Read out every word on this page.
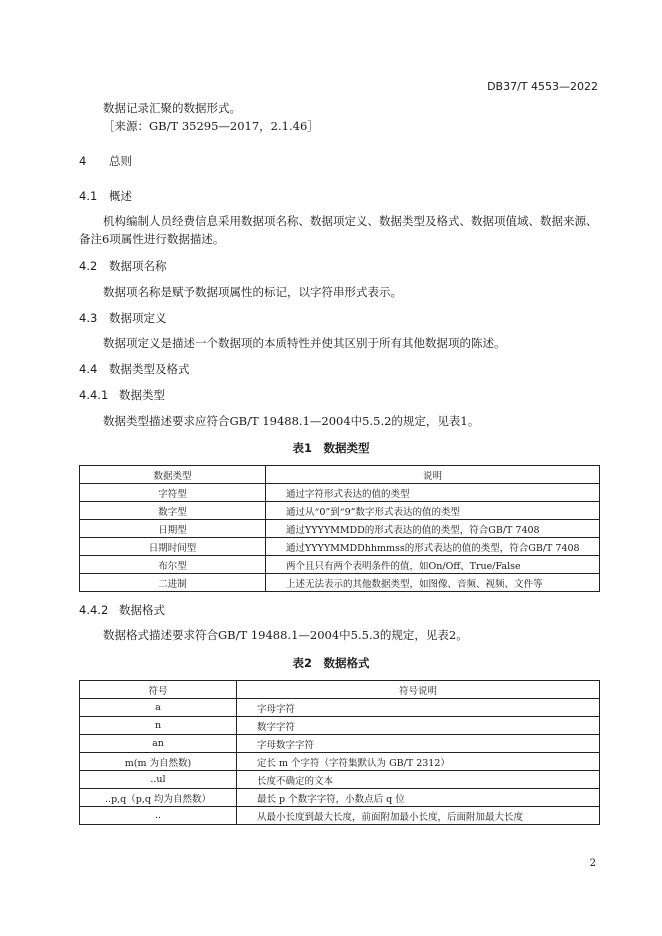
DB37/T 4553—2022
数据记录汇聚的数据形式。
［来源：GB/T 35295—2017，2.1.46］
4 总则
4.1 概述
机构编制人员经费信息采用数据项名称、数据项定义、数据类型及格式、数据项值域、数据来源、
备注6项属性进行数据描述。
4.2 数据项名称
数据项名称是赋予数据项属性的标记，以字符串形式表示。
4.3 数据项定义
数据项定义是描述一个数据项的本质特性并使其区别于所有其他数据项的陈述。
4.4 数据类型及格式
4.4.1 数据类型
数据类型描述要求应符合GB/T 19488.1—2004中5.5.2的规定，见表1。
表1　数据类型
数据类型	说明
字符型	通过字符形式表达的值的类型
数字型	通过从“0”到“9”数字形式表达的值的类型
日期型	通过YYYYMMDD的形式表达的值的类型，符合GB/T 7408
日期时间型	通过YYYYMMDDhhmmss的形式表达的值的类型，符合GB/T 7408
布尔型	两个且只有两个表明条件的值，如On/Off、True/False
二进制	上述无法表示的其他数据类型，如图像、音频、视频、文件等
4.4.2 数据格式
数据格式描述要求符合GB/T 19488.1—2004中5.5.3的规定，见表2。
表2　数据格式
符号	符号说明
a	字母字符
n	数字字符
an	字母数字字符
m(m 为自然数)	定长 m 个字符（字符集默认为 GB/T 2312）
..ul	长度不确定的文本
..p,q（p,q 均为自然数）	最长 p 个数字字符，小数点后 q 位
..	从最小长度到最大长度，前面附加最小长度，后面附加最大长度
2
